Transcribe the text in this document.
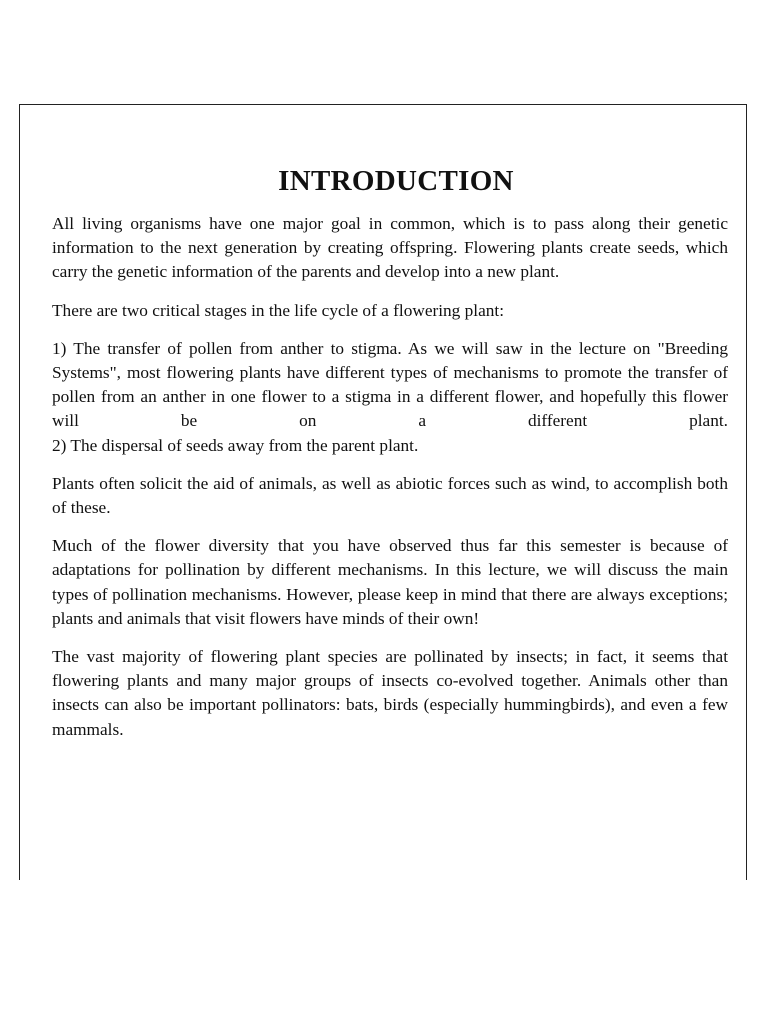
INTRODUCTION

All living organisms have one major goal in common, which is to pass along their genetic information to the next generation by creating offspring. Flowering plants create seeds, which carry the genetic information of the parents and develop into a new plant.

There are two critical stages in the life cycle of a flowering plant:

1) The transfer of pollen from anther to stigma. As we will saw in the lecture on "Breeding Systems", most flowering plants have different types of mechanisms to promote the transfer of pollen from an anther in one flower to a stigma in a different flower, and hopefully this flower will be on a different plant.
2) The dispersal of seeds away from the parent plant.

Plants often solicit the aid of animals, as well as abiotic forces such as wind, to accomplish both of these.

Much of the flower diversity that you have observed thus far this semester is because of adaptations for pollination by different mechanisms. In this lecture, we will discuss the main types of pollination mechanisms. However, please keep in mind that there are always exceptions; plants and animals that visit flowers have minds of their own!

The vast majority of flowering plant species are pollinated by insects; in fact, it seems that flowering plants and many major groups of insects co-evolved together. Animals other than insects can also be important pollinators: bats, birds (especially hummingbirds), and even a few mammals.
